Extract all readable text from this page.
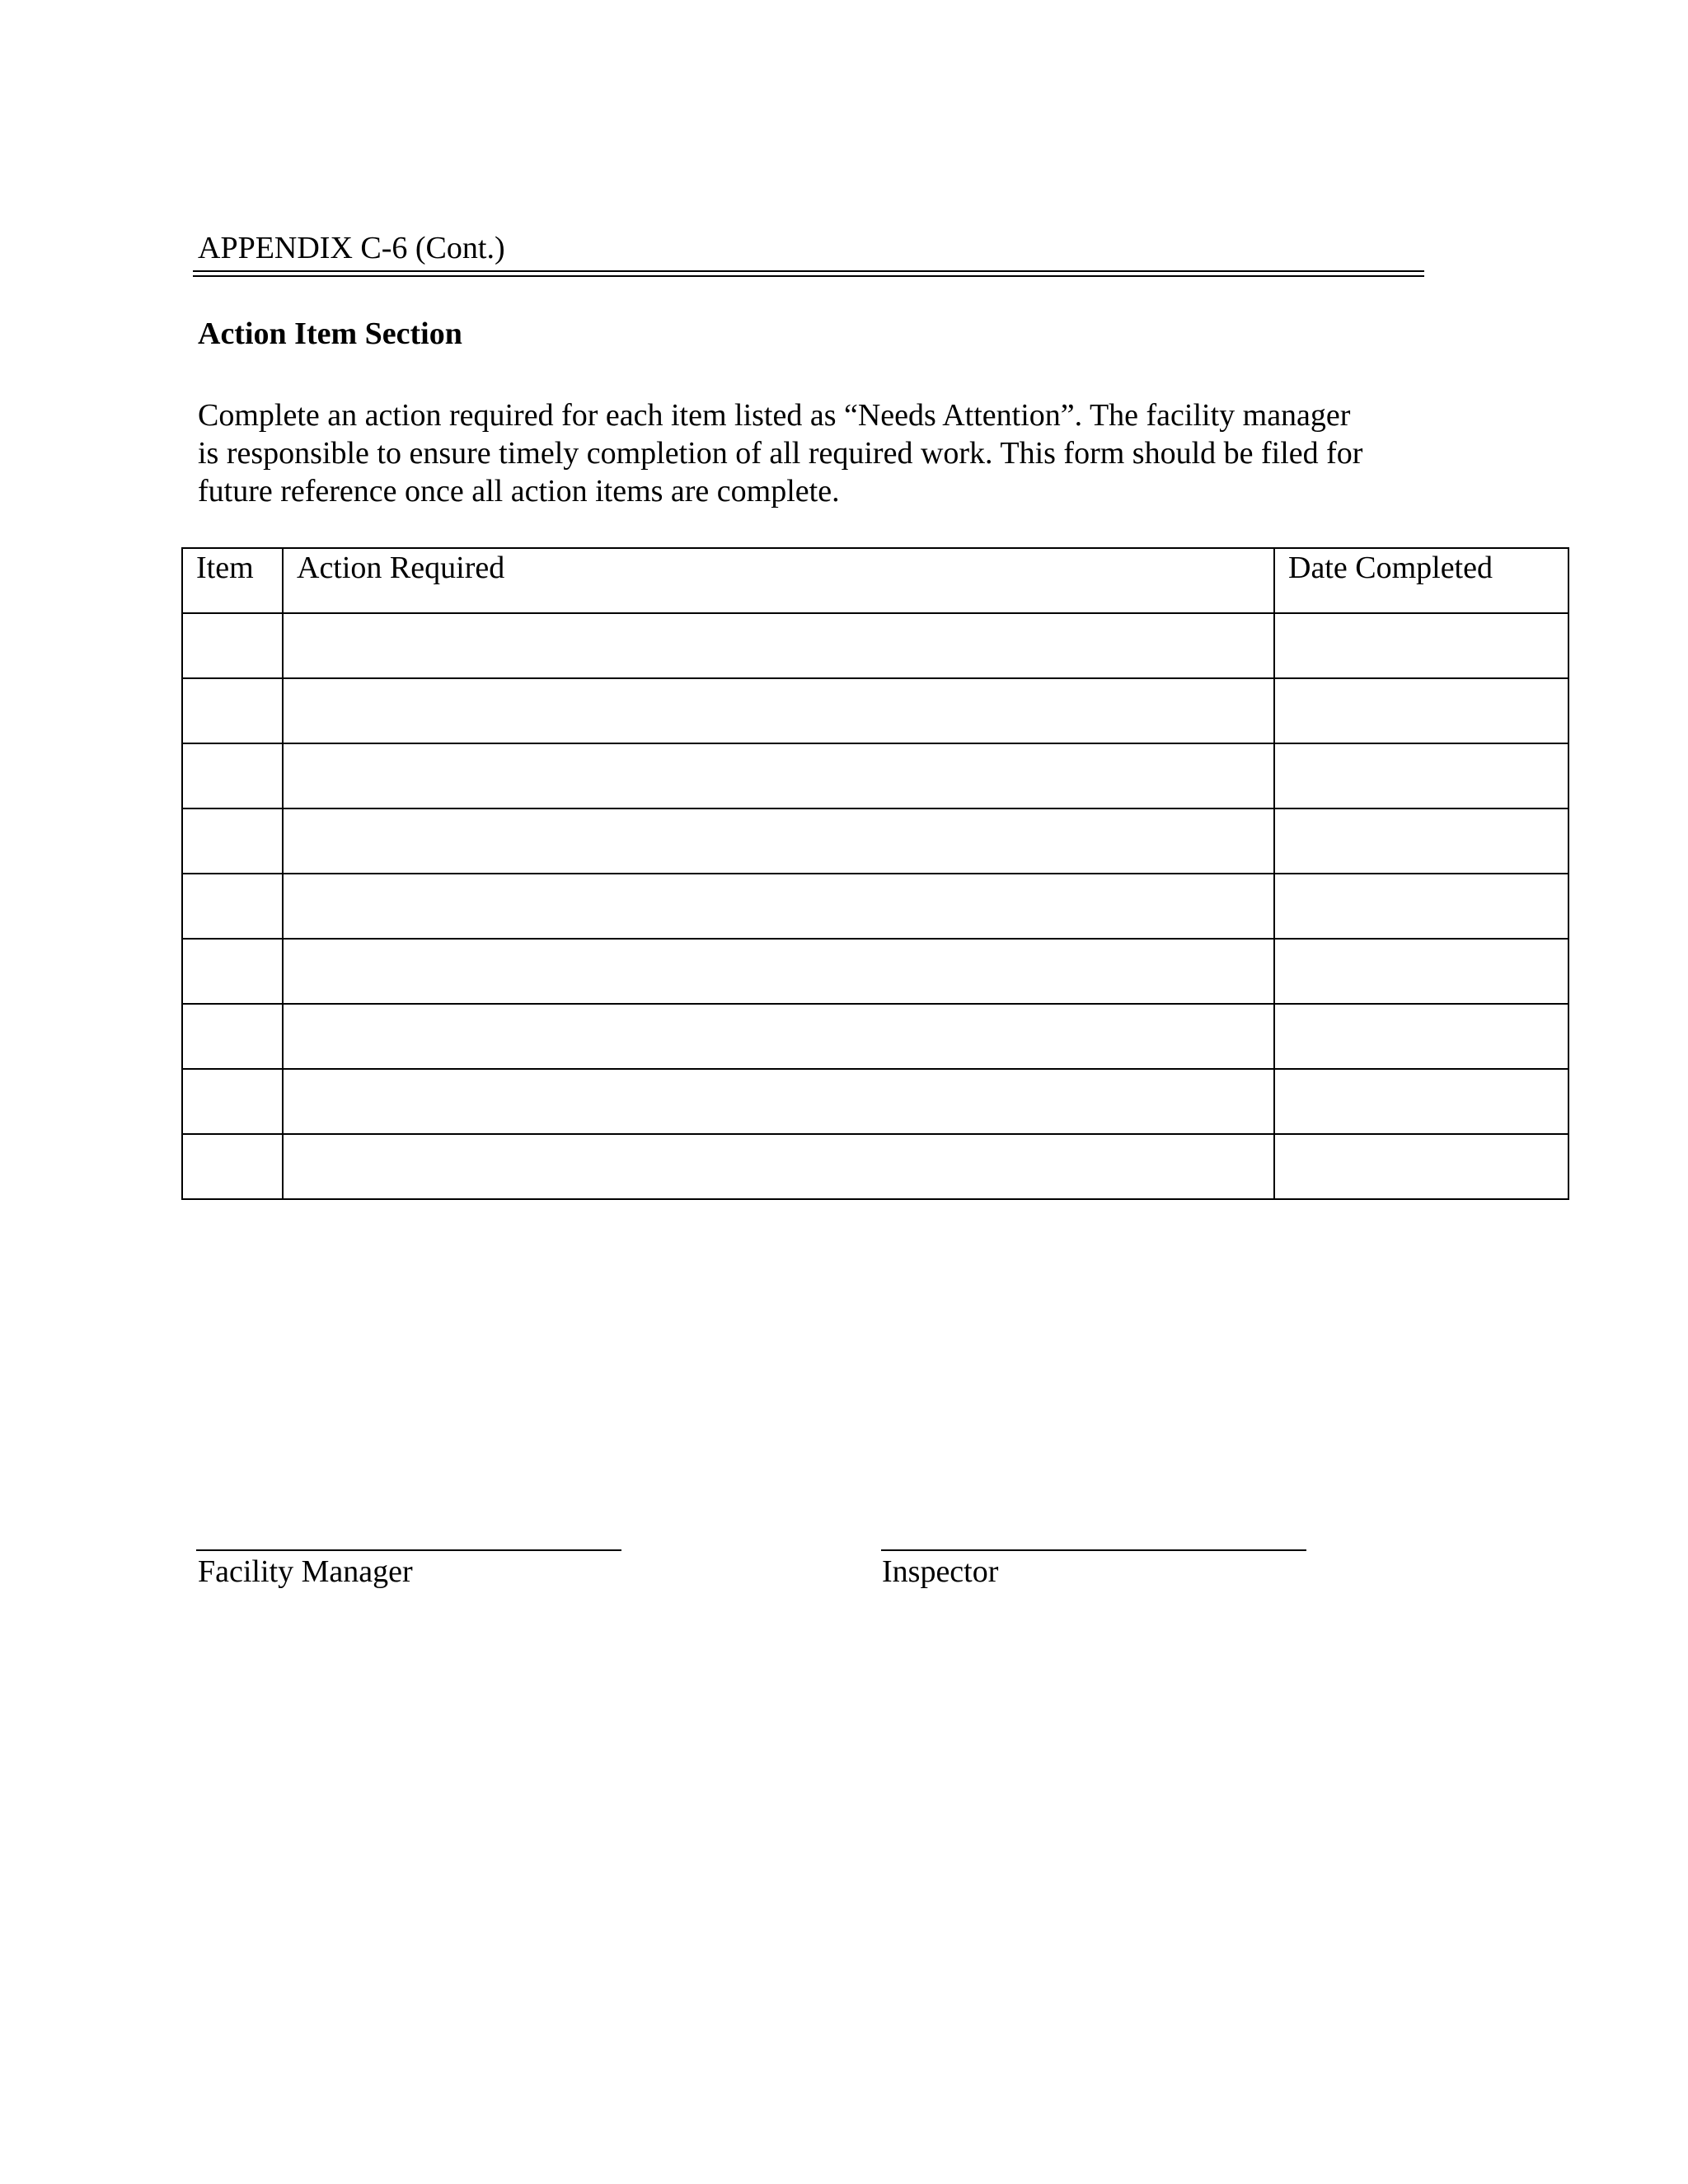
APPENDIX C-6 (Cont.)
Action Item Section
Complete an action required for each item listed as “Needs Attention”. The facility manager
is responsible to ensure timely completion of all required work. This form should be filed for
future reference once all action items are complete.
Item	Action Required	Date Completed

Facility Manager	Inspector
